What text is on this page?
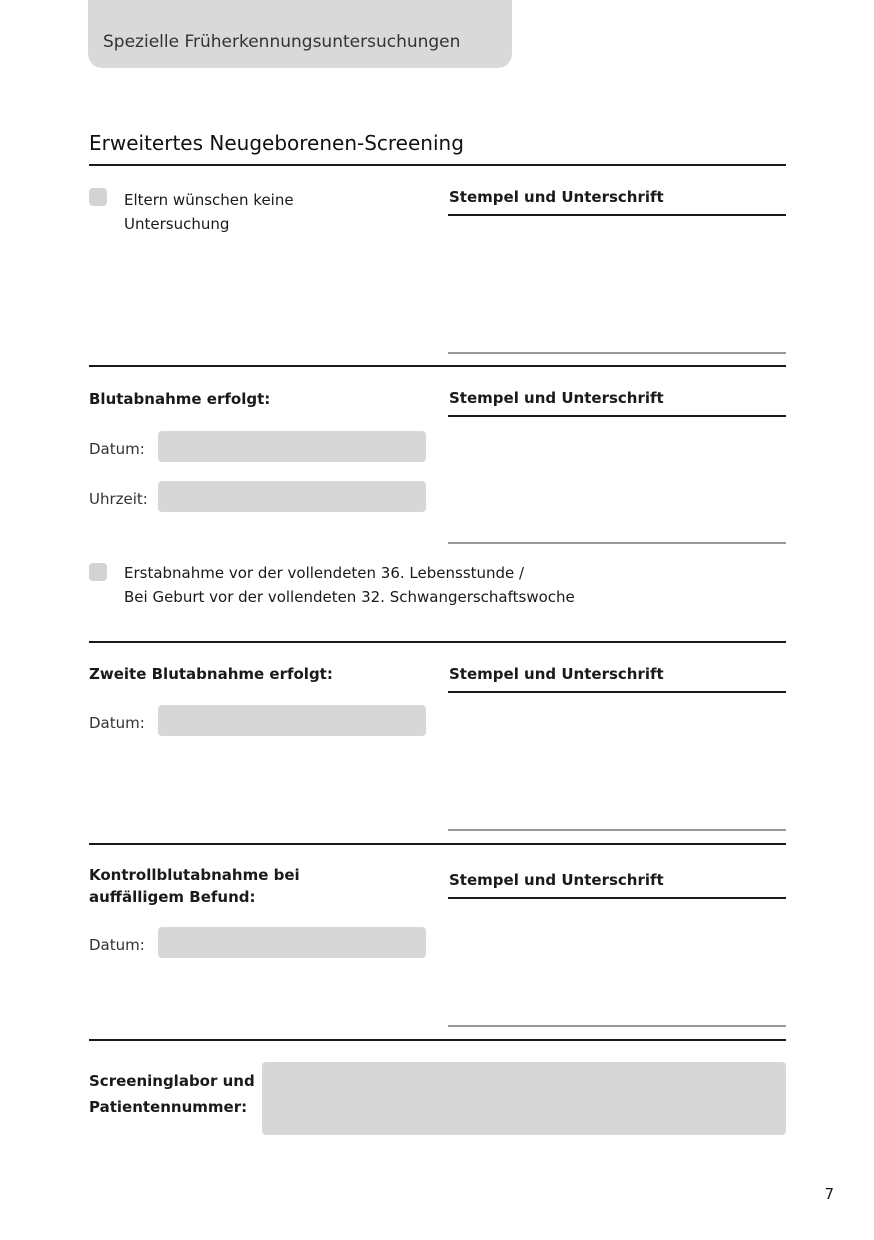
Spezielle Früherkennungsuntersuchungen
Erweitertes Neugeborenen-Screening
Eltern wünschen keine
Untersuchung
Stempel und Unterschrift
Blutabnahme erfolgt:
Datum:
Uhrzeit:
Stempel und Unterschrift
Erstabnahme vor der vollendeten 36. Lebensstunde /
Bei Geburt vor der vollendeten 32. Schwangerschaftswoche
Zweite Blutabnahme erfolgt:
Datum:
Stempel und Unterschrift
Kontrollblutabnahme bei
auffälligem Befund:
Datum:
Stempel und Unterschrift
Screeninglabor und
Patientennummer:
7
